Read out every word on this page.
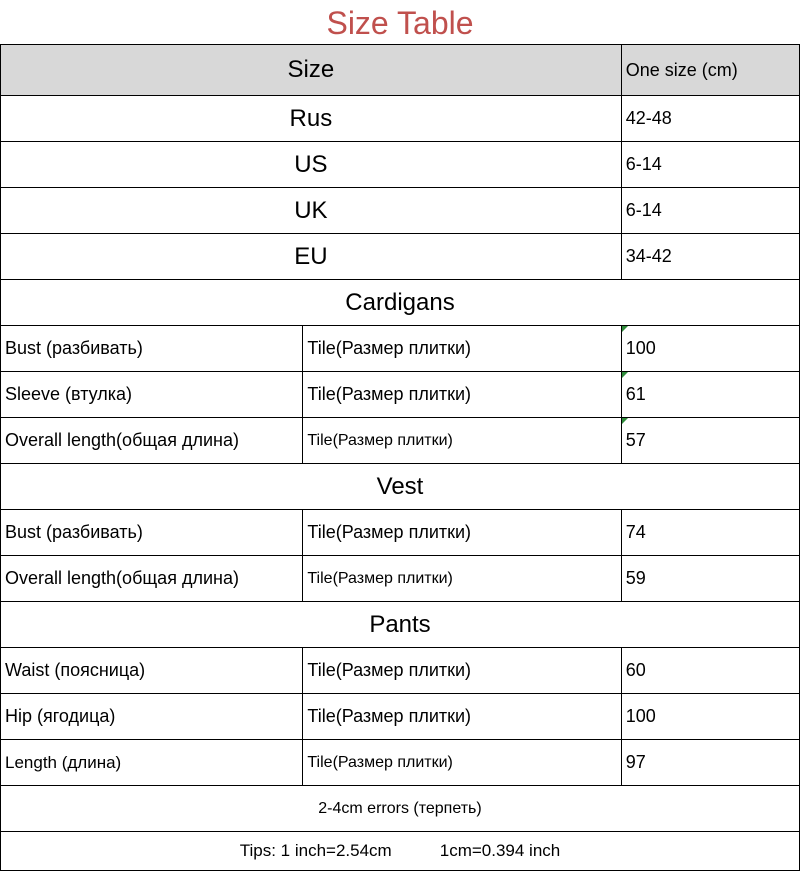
Size Table
Size		One size (cm)
Rus		42-48
US		6-14
UK		6-14
EU		34-42
Cardigans		
Bust (разбивать)	Tile(Размер плитки)	100
Sleeve (втулка)	Tile(Размер плитки)	61
Overall length(общая длина)	Tile(Размер плитки)	57
Vest		
Bust (разбивать)	Tile(Размер плитки)	74
Overall length(общая длина)	Tile(Размер плитки)	59
Pants		
Waist (поясница)	Tile(Размер плитки)	60
Hip (ягодица)	Tile(Размер плитки)	100
Length (длина)	Tile(Размер плитки)	97
2-4cm errors (терпеть)		
Tips: 1 inch=2.54cm 1cm=0.394 inch		
